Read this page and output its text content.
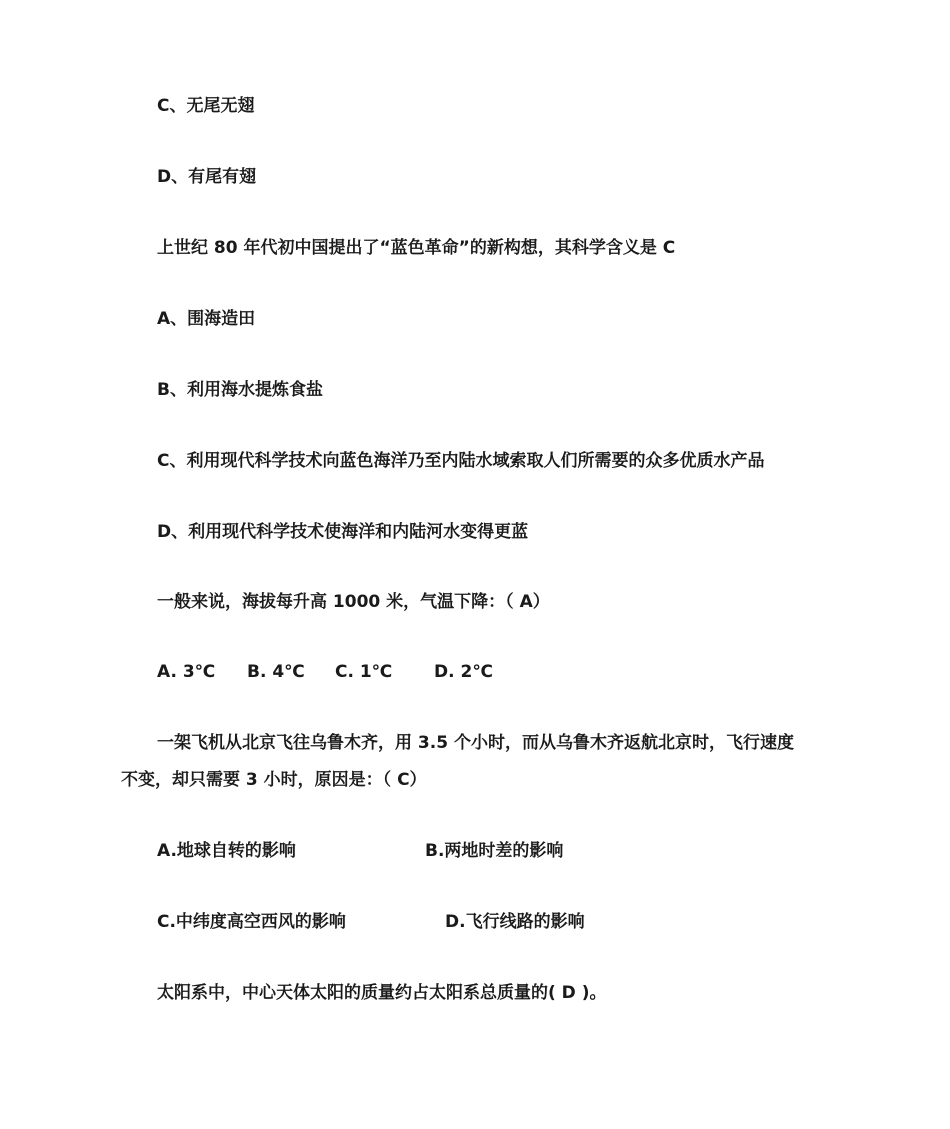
C、无尾无翅
D、有尾有翅
上世纪 80 年代初中国提出了“蓝色革命”的新构想，其科学含义是 C
A、围海造田
B、利用海水提炼食盐
C、利用现代科学技术向蓝色海洋乃至内陆水域索取人们所需要的众多优质水产品
D、利用现代科学技术使海洋和内陆河水变得更蓝
一般来说，海拔每升高 1000 米，气温下降：（ A）
A. 3℃ B. 4℃ C. 1℃ D. 2℃
一架飞机从北京飞往乌鲁木齐，用 3.5 个小时，而从乌鲁木齐返航北京时，飞行速度
不变，却只需要 3 小时，原因是：（ C）
A.地球自转的影响	B.两地时差的影响
C.中纬度高空西风的影响	D.飞行线路的影响
太阳系中，中心天体太阳的质量约占太阳系总质量的( D )。
